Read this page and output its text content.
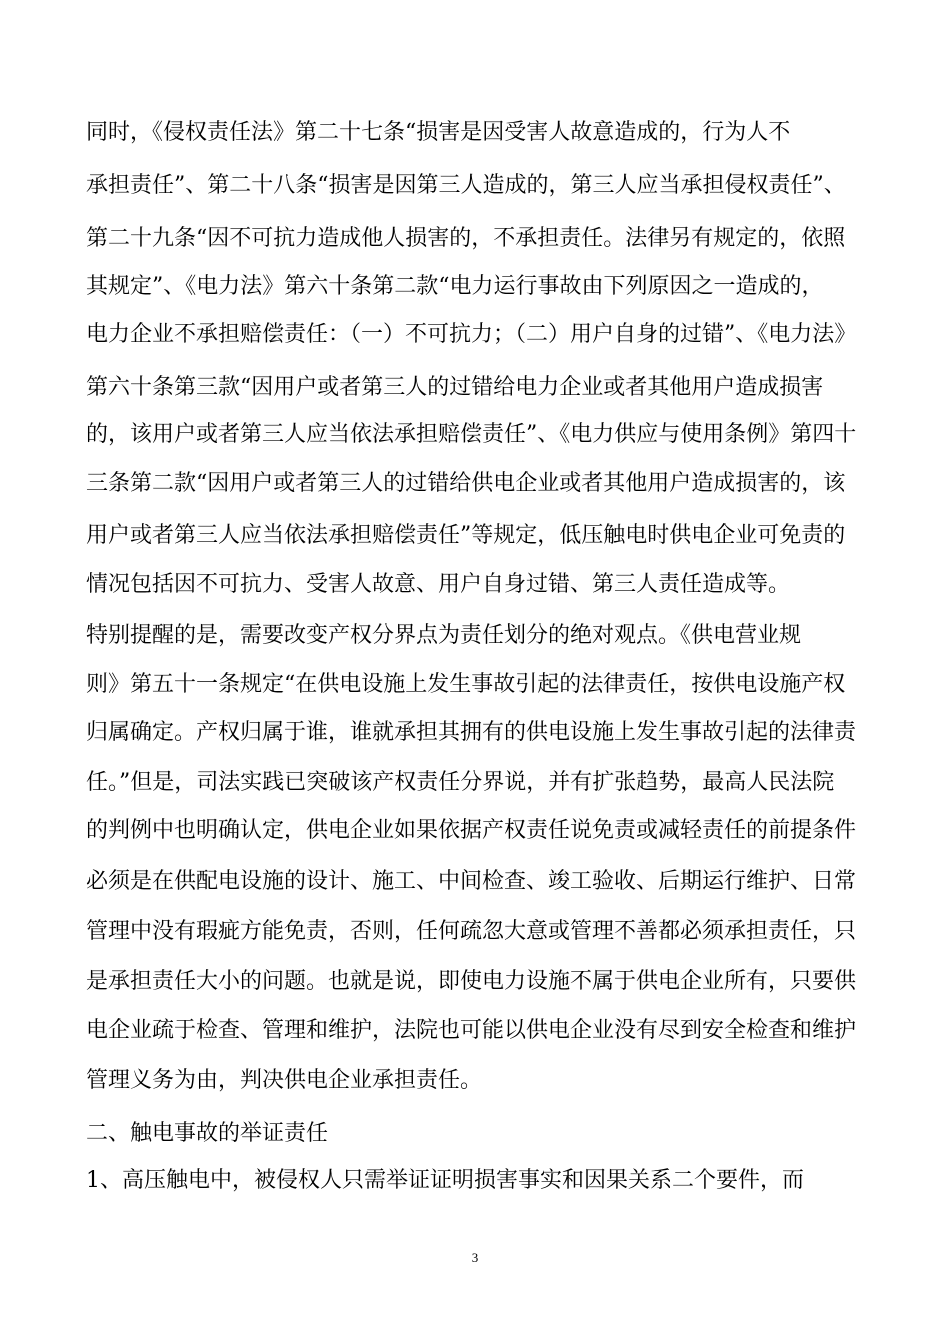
同时，《侵权责任法》第二十七条“损害是因受害人故意造成的，行为人不
承担责任”、第二十八条“损害是因第三人造成的，第三人应当承担侵权责任”、
第二十九条“因不可抗力造成他人损害的，不承担责任。法律另有规定的，依照
其规定”、《电力法》第六十条第二款“电力运行事故由下列原因之一造成的，
电力企业不承担赔偿责任：（一）不可抗力；（二）用户自身的过错”、《电力法》
第六十条第三款“因用户或者第三人的过错给电力企业或者其他用户造成损害
的，该用户或者第三人应当依法承担赔偿责任”、《电力供应与使用条例》第四十
三条第二款“因用户或者第三人的过错给供电企业或者其他用户造成损害的，该
用户或者第三人应当依法承担赔偿责任”等规定，低压触电时供电企业可免责的
情况包括因不可抗力、受害人故意、用户自身过错、第三人责任造成等。
特别提醒的是，需要改变产权分界点为责任划分的绝对观点。《供电营业规
则》第五十一条规定“在供电设施上发生事故引起的法律责任，按供电设施产权
归属确定。产权归属于谁，谁就承担其拥有的供电设施上发生事故引起的法律责
任。”但是，司法实践已突破该产权责任分界说，并有扩张趋势，最高人民法院
的判例中也明确认定，供电企业如果依据产权责任说免责或减轻责任的前提条件
必须是在供配电设施的设计、施工、中间检查、竣工验收、后期运行维护、日常
管理中没有瑕疵方能免责，否则，任何疏忽大意或管理不善都必须承担责任，只
是承担责任大小的问题。也就是说，即使电力设施不属于供电企业所有，只要供
电企业疏于检查、管理和维护，法院也可能以供电企业没有尽到安全检查和维护
管理义务为由，判决供电企业承担责任。
二、触电事故的举证责任
1、高压触电中，被侵权人只需举证证明损害事实和因果关系二个要件，而
3
